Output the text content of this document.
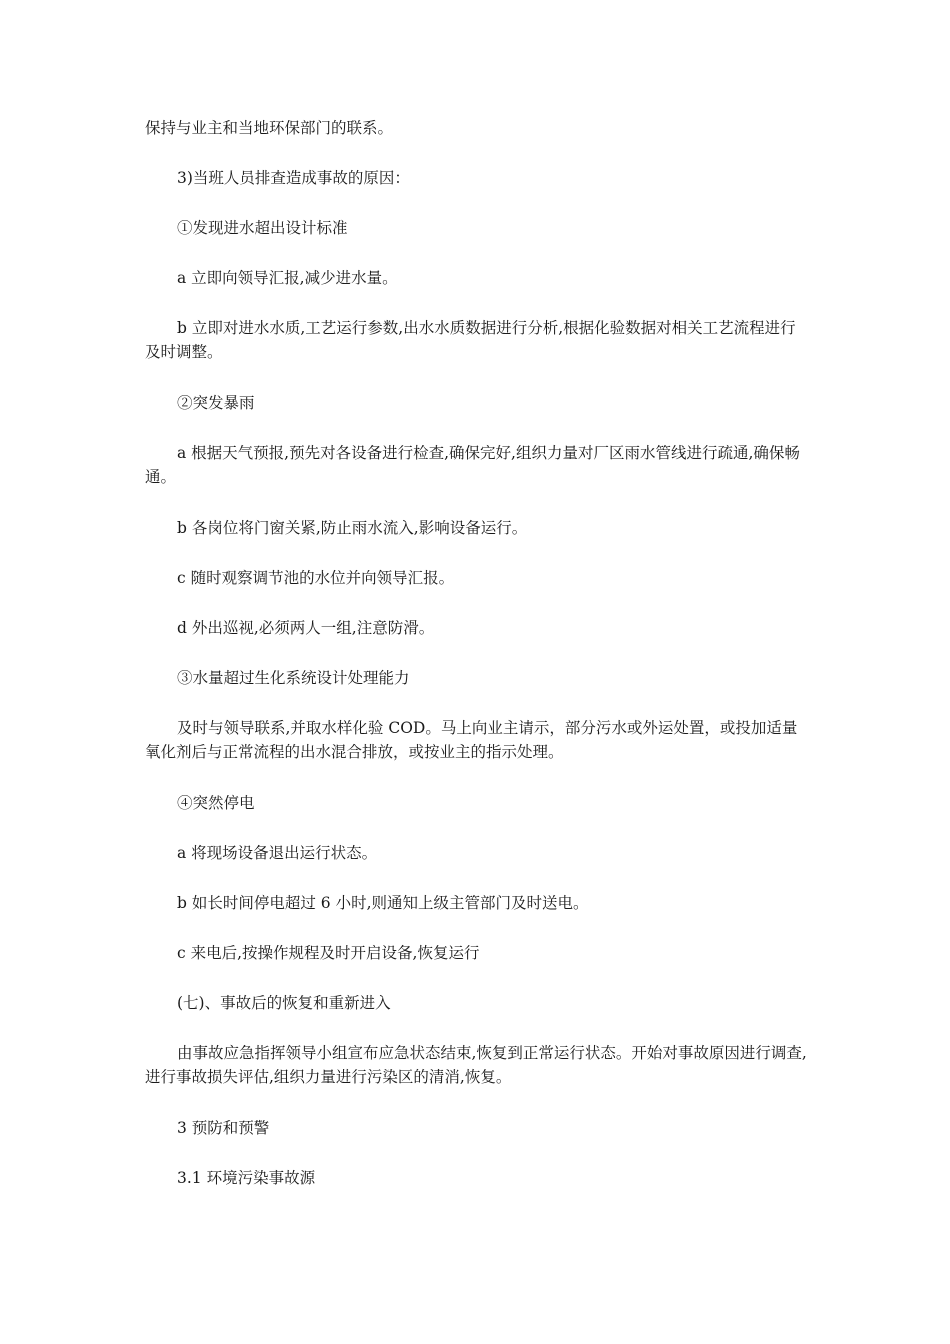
保持与业主和当地环保部门的联系。

3)当班人员排查造成事故的原因：

①发现进水超出设计标准

a 立即向领导汇报,减少进水量。

b 立即对进水水质,工艺运行参数,出水水质数据进行分析,根据化验数据对相关工艺流程进行及时调整。

②突发暴雨

a 根据天气预报,预先对各设备进行检查,确保完好,组织力量对厂区雨水管线进行疏通,确保畅通。

b 各岗位将门窗关紧,防止雨水流入,影响设备运行。

c 随时观察调节池的水位并向领导汇报。

d 外出巡视,必须两人一组,注意防滑。

③水量超过生化系统设计处理能力

及时与领导联系,并取水样化验 COD。马上向业主请示，部分污水或外运处置，或投加适量氧化剂后与正常流程的出水混合排放，或按业主的指示处理。

④突然停电

a 将现场设备退出运行状态。

b 如长时间停电超过 6 小时,则通知上级主管部门及时送电。

c 来电后,按操作规程及时开启设备,恢复运行

(七)、事故后的恢复和重新进入

由事故应急指挥领导小组宣布应急状态结束,恢复到正常运行状态。开始对事故原因进行调查,进行事故损失评估,组织力量进行污染区的清消,恢复。

3 预防和预警

3.1 环境污染事故源
